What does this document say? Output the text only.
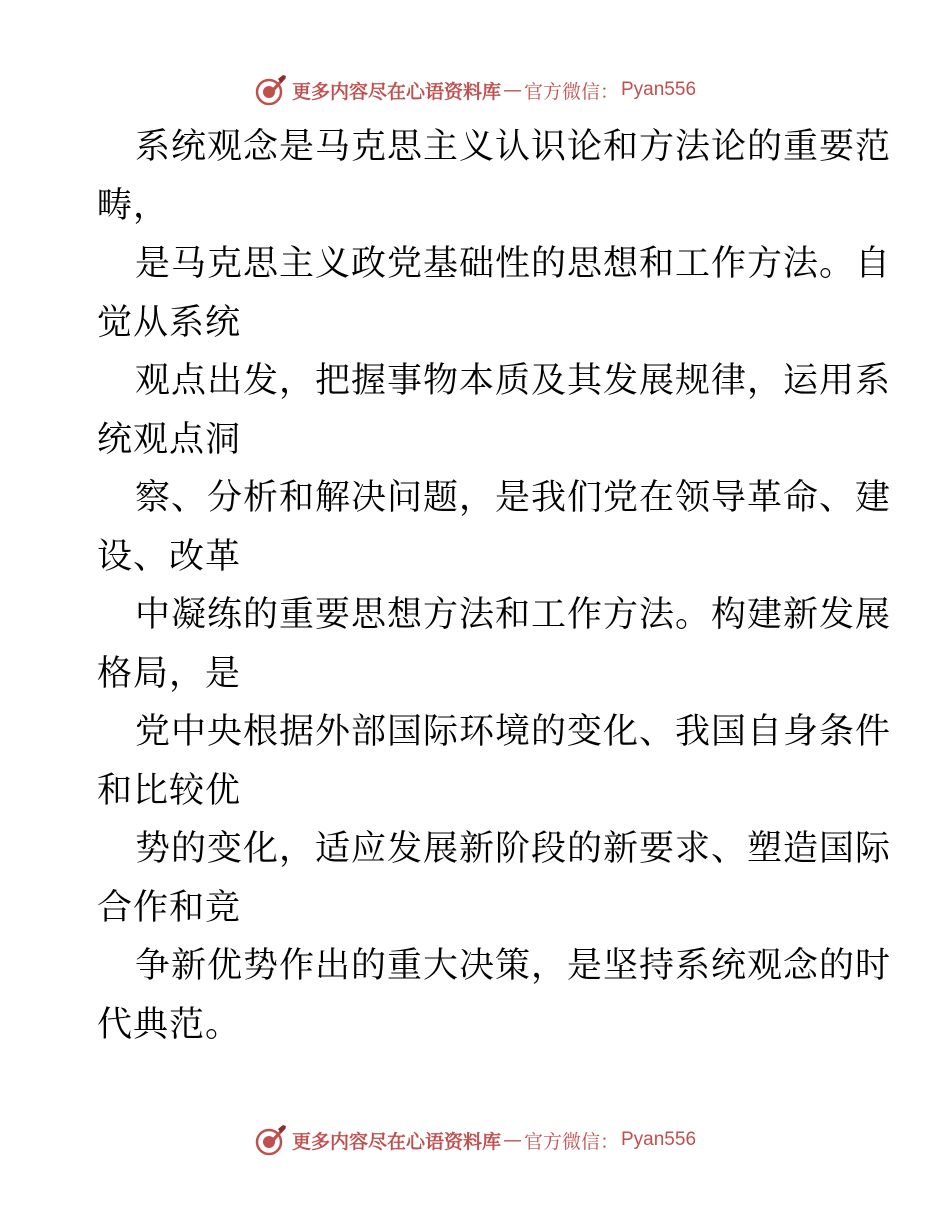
更多内容尽在心语资料库 — 官方微信： Pyan556
系统观念是马克思主义认识论和方法论的重要范
畴，
是马克思主义政党基础性的思想和工作方法。自
觉从系统
观点出发，把握事物本质及其发展规律，运用系
统观点洞
察、分析和解决问题，是我们党在领导革命、建
设、改革
中凝练的重要思想方法和工作方法。构建新发展
格局，是
党中央根据外部国际环境的变化、我国自身条件
和比较优
势的变化，适应发展新阶段的新要求、塑造国际
合作和竞
争新优势作出的重大决策，是坚持系统观念的时
代典范。
更多内容尽在心语资料库 — 官方微信： Pyan556
